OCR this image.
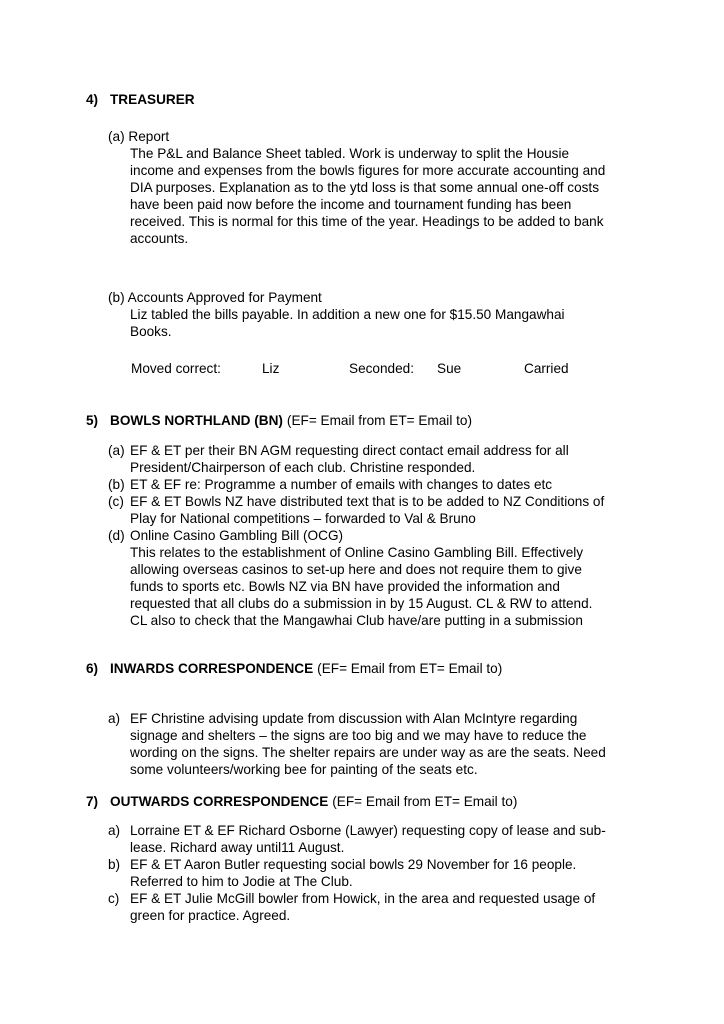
4) TREASURER
(a) Report
The P&L and Balance Sheet tabled. Work is underway to split the Housie
income and expenses from the bowls figures for more accurate accounting and
DIA purposes. Explanation as to the ytd loss is that some annual one-off costs
have been paid now before the income and tournament funding has been
received. This is normal for this time of the year. Headings to be added to bank
accounts.
(b) Accounts Approved for Payment
Liz tabled the bills payable. In addition a new one for $15.50 Mangawhai
Books.
Moved correct:	Liz	Seconded: Sue	Carried
5) BOWLS NORTHLAND (BN) (EF= Email from ET= Email to)
(a) EF & ET per their BN AGM requesting direct contact email address for all
President/Chairperson of each club. Christine responded.
(b) ET & EF re: Programme a number of emails with changes to dates etc
(c) EF & ET Bowls NZ have distributed text that is to be added to NZ Conditions of
Play for National competitions – forwarded to Val & Bruno
(d) Online Casino Gambling Bill (OCG)
This relates to the establishment of Online Casino Gambling Bill. Effectively
allowing overseas casinos to set-up here and does not require them to give
funds to sports etc. Bowls NZ via BN have provided the information and
requested that all clubs do a submission in by 15 August. CL & RW to attend.
CL also to check that the Mangawhai Club have/are putting in a submission
6) INWARDS CORRESPONDENCE (EF= Email from ET= Email to)
a) EF Christine advising update from discussion with Alan McIntyre regarding
signage and shelters – the signs are too big and we may have to reduce the
wording on the signs. The shelter repairs are under way as are the seats. Need
some volunteers/working bee for painting of the seats etc.
7) OUTWARDS CORRESPONDENCE (EF= Email from ET= Email to)
a) Lorraine ET & EF Richard Osborne (Lawyer) requesting copy of lease and sub-
lease. Richard away until11 August.
b) EF & ET Aaron Butler requesting social bowls 29 November for 16 people.
Referred to him to Jodie at The Club.
c) EF & ET Julie McGill bowler from Howick, in the area and requested usage of
green for practice. Agreed.
